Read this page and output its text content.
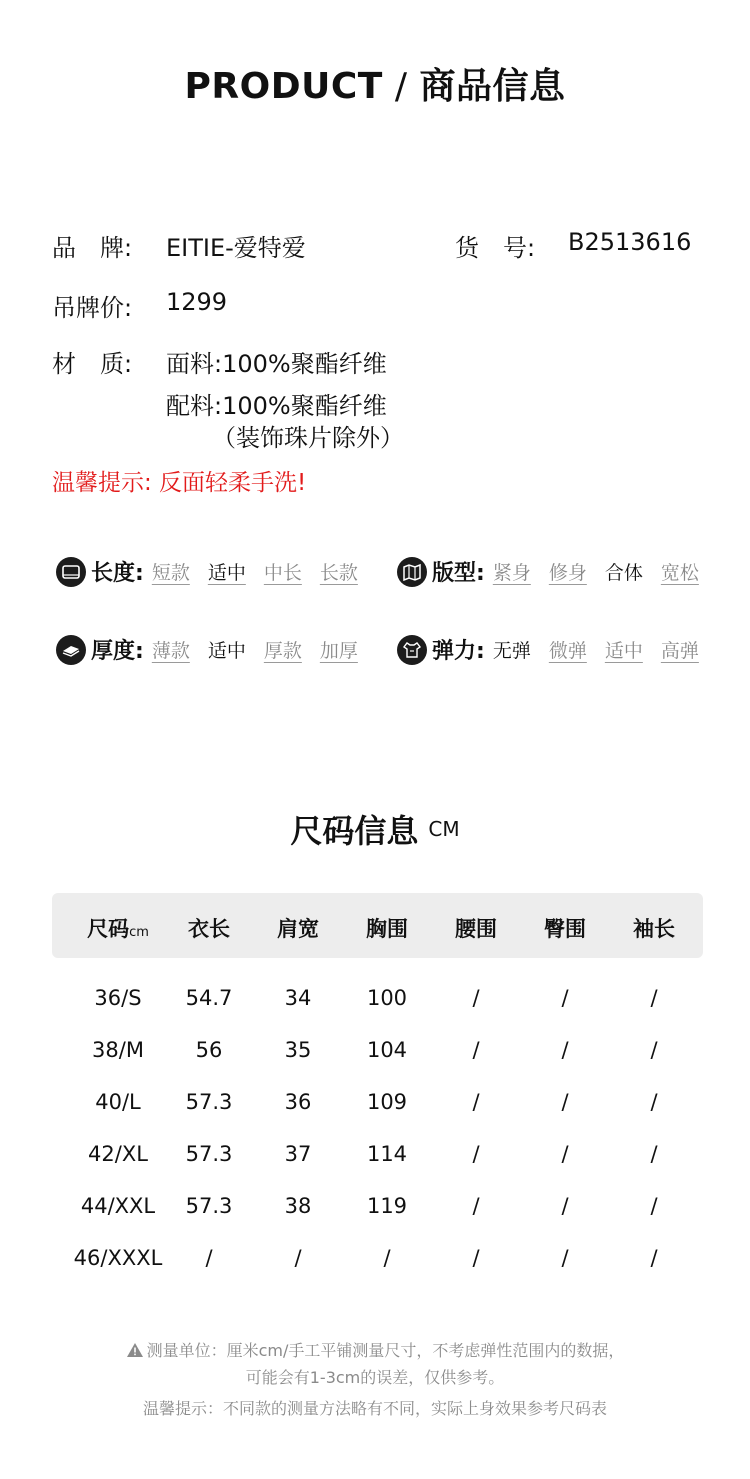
PRODUCT / 商品信息
品　牌: EITIE-爱特爱	货　号: B2513616
吊牌价: 1299
材　质: 面料:100%聚酯纤维
配料:100%聚酯纤维
（装饰珠片除外）
温馨提示: 反面轻柔手洗!
长度: 短款 适中 中长 长款	版型: 紧身 修身 合体 宽松
厚度: 薄款 适中 厚款 加厚	弹力: 无弹 微弹 适中 高弹
尺码信息 CM
尺码cm	衣长	肩宽	胸围	腰围	臀围	袖长
36/S	54.7	34	100	/	/	/
38/M	56	35	104	/	/	/
40/L	57.3	36	109	/	/	/
42/XL	57.3	37	114	/	/	/
44/XXL	57.3	38	119	/	/	/
46/XXXL	/	/	/	/	/	/
测量单位：厘米cm/手工平铺测量尺寸，不考虑弹性范围内的数据，
可能会有1-3cm的误差，仅供参考。
温馨提示：不同款的测量方法略有不同，实际上身效果参考尺码表
